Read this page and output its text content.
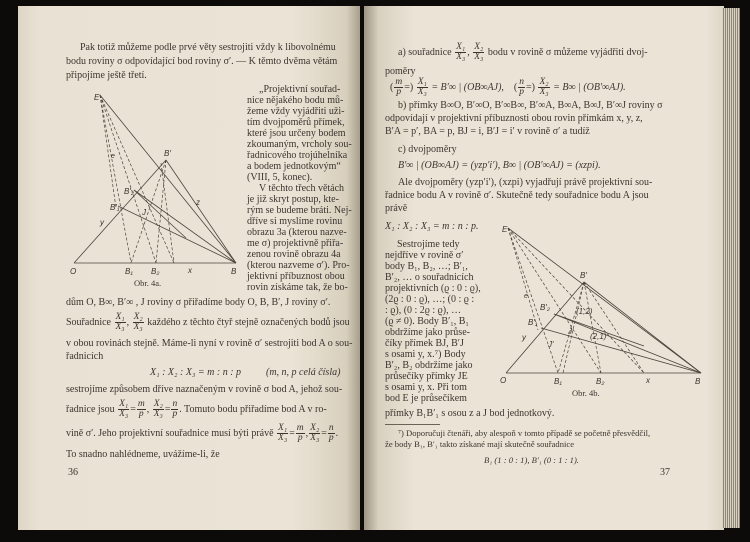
Pak totiž můžeme podle prvé věty sestrojiti vždy k libovolnému
bodu roviny σ odpovídající bod roviny σ′. — K těmto dvěma větám
připojíme ještě třetí.
„Projektivní souřad-
nice nějakého bodu mů-
žeme vždy vyjádřiti uži-
tím dvojpoměrů přímek,
které jsou určeny bodem
zkoumaným, vrcholy sou-
řadnicového trojúhelníka
a bodem jednotkovým“
(VIII, 5, konec).
V těchto třech větách
je již skryt postup, kte-
rým se budeme bráti. Nej-
dříve si myslíme rovinu
obrazu 3a (kterou nazve-
me σ) projektivně přiřa-
zenou rovině obrazu 4a
(kterou nazveme σ′). Pro-
jektivní příbuznost obou
rovin získáme tak, že bo-
dům O, B∞, B′∞ , J roviny σ přiřadíme body O, B, B′, J roviny σ′.
Souřadnice $\frac{\text{X₁}}{\text{X₃}}$ , $\frac{\text{X₂}}{\text{X₃}}$ každého z těchto čtyř stejně označených bodů jsou
v obou rovinách stejně. Máme-li nyní v rovině σ′ sestrojiti bod A o sou-
řadnicích
X₁ : X₂ : X₃ = m : n : p (m, n, p celá čísla)
sestrojíme způsobem dříve naznačeným v rovině σ bod A, jehož sou-
řadnice jsou $\frac{\text{X₁}}{\text{X₃}} = \frac{m}{p}$ , $\frac{\text{X₂}}{\text{X₃}} = \frac{n}{p}$ . Tomuto bodu přiřadíme bod A v ro-
vině σ′. Jeho projektivní souřadnice musí býti právě $\frac{\text{X₁}}{\text{X₃}} = \frac{m}{p}$ , $\frac{\text{X₂}}{\text{X₃}} = \frac{n}{p}$ .
To snadno nahlédneme, uvážíme-li, že
36
E
e	B′
B′₂
B′₁
J
y
z
O	B₁ B₂	x	B
Obr. 4a.
a) souřadnice $\frac{\text{X₁}}{\text{X₃}}$ , $\frac{\text{X₂}}{\text{X₃}}$ bodu v rovině σ můžeme vyjádřiti dvoj-
poměry
( $\frac{m}{p}$ =) $\frac{\text{X₁}}{\text{X₃}} = B'\infty$ | (OB∞AJ), ( $\frac{n}{p}$ =) $\frac{\text{X₂}}{\text{X₃}} = B\infty$ | (OB′∞AJ).
b) přímky B∞O, B′∞O, B′∞B∞, B′∞A, B∞A, B∞J, B′∞J roviny σ
odpovídají v projektivní příbuznosti obou rovin přímkám x, y, z,
B′A = p′, BA = p, BJ = i, B′J = i′ v rovině σ′ a tudíž
c) dvojpoměry
B′∞ | (OB∞AJ) = (yzp′i′), B∞ | (OB′∞AJ) = (xzpi).
Ale dvojpoměry (yzp′i′), (xzpi) vyjadřují právě projektivní sou-
řadnice bodu A v rovině σ′. Skutečně tedy souřadnice bodu A jsou
právě
X₁ : X₂ : X₃ = m : n : p.
Sestrojíme tedy
nejdříve v rovině σ′
body B₁, B₂, …; B′₁,
B′₂, … o souřadnicích
projektivních (ϱ : 0 : ϱ),
(2ϱ : 0 : ϱ), …; (0 : ϱ :
: ϱ), (0 : 2ϱ : ϱ), …
(ϱ ≠ 0). Body B′₁, B₁
obdržíme jako průse-
číky přímek BJ, B′J
s osami y, x.⁷) Body
B′₂, B₂ obdržíme jako
průsečíky přímky JE
s osami y, x. Při tom
bod E je průsečíkem
přímky B₁B′₁ s osou z a J bod jednotkový.
⁷) Doporučuji čtenáři, aby alespoň v tomto případě se početně přesvědčil,
že body B₁, B′₁ takto získané mají skutečně souřadnice
B₁ (1 : 0 : 1), B′₁ (0 : 1 : 1).
37
E
e
B′
B′₂
B′₁
(1,2)
J
J′
(2,1)
y
O	B₁	B₂	x	B
Obr. 4b.
